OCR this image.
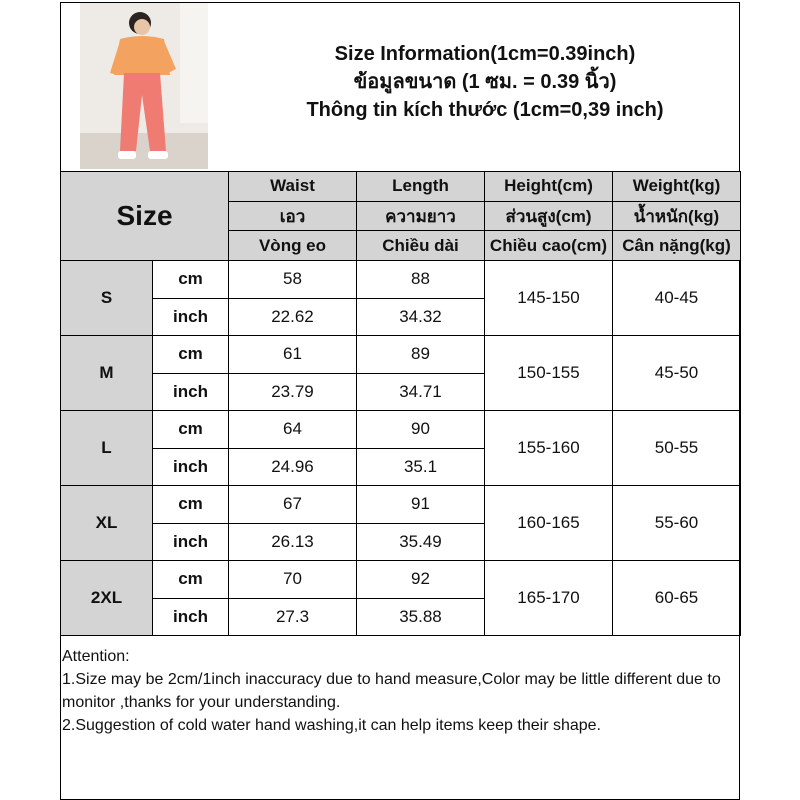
Size Information(1cm=0.39inch)
ข้อมูลขนาด (1 ซม. = 0.39 นิ้ว)
Thông tin kích thước (1cm=0,39 inch)
Size		Waist	Length	Height(cm)	Weight(kg)
		เอว	ความยาว	ส่วนสูง(cm)	น้ำหนัก(kg)
		Vòng eo	Chiều dài	Chiều cao(cm)	Cân nặng(kg)
S	cm	58	88	145-150	40-45
	inch	22.62	34.32		
M	cm	61	89	150-155	45-50
	inch	23.79	34.71		
L	cm	64	90	155-160	50-55
	inch	24.96	35.1		
XL	cm	67	91	160-165	55-60
	inch	26.13	35.49		
2XL	cm	70	92	165-170	60-65
	inch	27.3	35.88		
Attention:
1.Size may be 2cm/1inch inaccuracy due to hand measure,Color may be little different due to monitor ,thanks for your understanding.
2.Suggestion of cold water hand washing,it can help items keep their shape.
